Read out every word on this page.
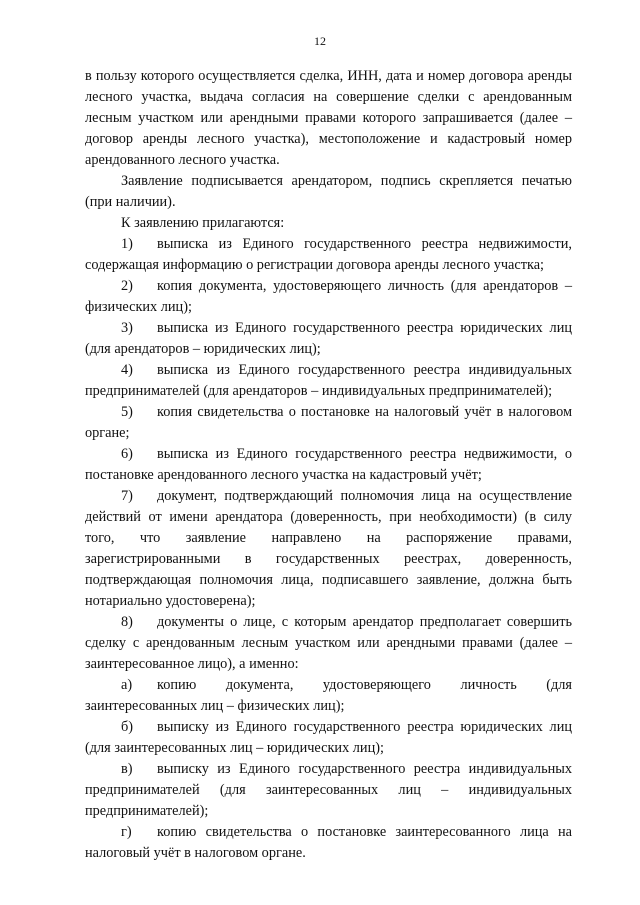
12

в пользу которого осуществляется сделка, ИНН, дата и номер договора аренды лесного участка, выдача согласия на совершение сделки с арендованным лесным участком или арендными правами которого запрашивается (далее – договор аренды лесного участка), местоположение и кадастровый номер арендованного лесного участка.

Заявление подписывается арендатором, подпись скрепляется печатью (при наличии).

К заявлению прилагаются:

1) выписка из Единого государственного реестра недвижимости, содержащая информацию о регистрации договора аренды лесного участка;

2) копия документа, удостоверяющего личность (для арендаторов – физических лиц);

3) выписка из Единого государственного реестра юридических лиц (для арендаторов – юридических лиц);

4) выписка из Единого государственного реестра индивидуальных предпринимателей (для арендаторов – индивидуальных предпринимателей);

5) копия свидетельства о постановке на налоговый учёт в налоговом органе;

6) выписка из Единого государственного реестра недвижимости, о постановке арендованного лесного участка на кадастровый учёт;

7) документ, подтверждающий полномочия лица на осуществление действий от имени арендатора (доверенность, при необходимости) (в силу того, что заявление направлено на распоряжение правами, зарегистрированными в государственных реестрах, доверенность, подтверждающая полномочия лица, подписавшего заявление, должна быть нотариально удостоверена);

8) документы о лице, с которым арендатор предполагает совершить сделку с арендованным лесным участком или арендными правами (далее – заинтересованное лицо), а именно:

а) копию документа, удостоверяющего личность (для заинтересованных лиц – физических лиц);

б) выписку из Единого государственного реестра юридических лиц (для заинтересованных лиц – юридических лиц);

в) выписку из Единого государственного реестра индивидуальных предпринимателей (для заинтересованных лиц – индивидуальных предпринимателей);

г) копию свидетельства о постановке заинтересованного лица на налоговый учёт в налоговом органе.
